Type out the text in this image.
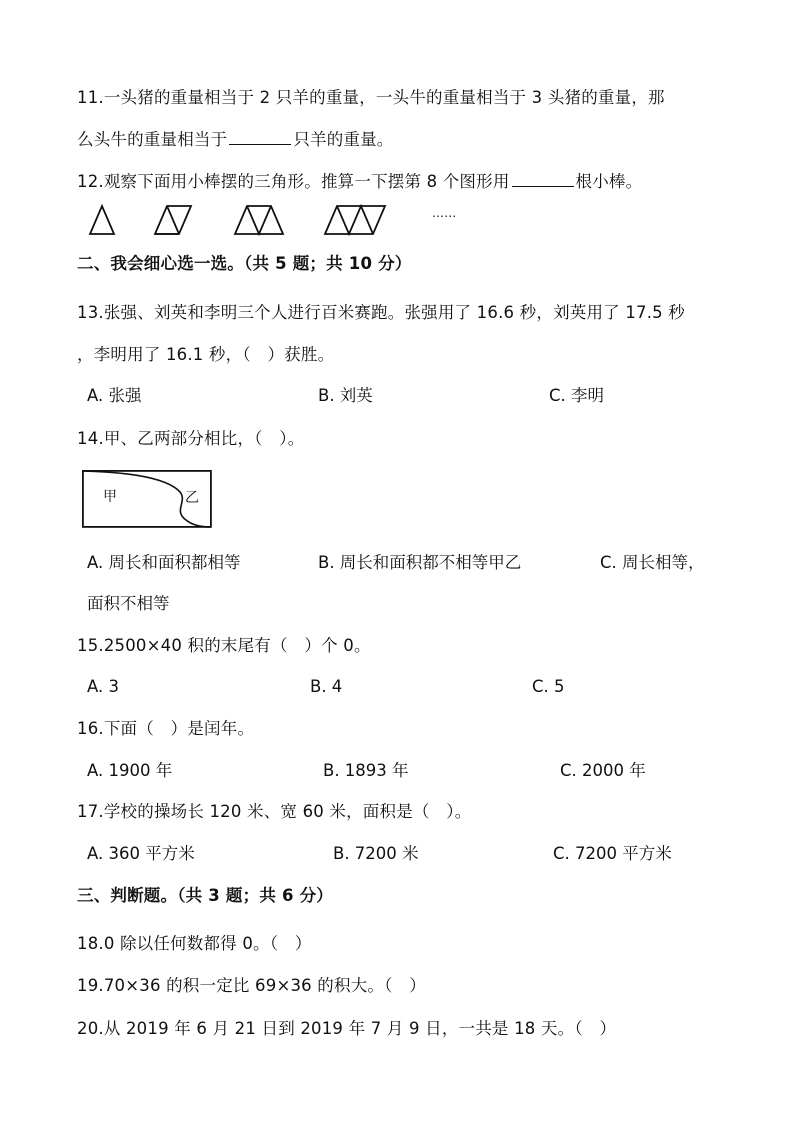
11.一头猪的重量相当于 2 只羊的重量，一头牛的重量相当于 3 头猪的重量，那
么头牛的重量相当于	只羊的重量。
12.观察下面用小棒摆的三角形。推算一下摆第 8 个图形用	根小棒。
……
二、我会细心选一选。（共 5 题；共 10 分）
13.张强、刘英和李明三个人进行百米赛跑。张强用了 16.6 秒，刘英用了 17.5 秒
，李明用了 16.1 秒，（　）获胜。
A. 张强	B. 刘英	C. 李明
14.甲、乙两部分相比，（　）。
甲	乙
A. 周长和面积都相等	B. 周长和面积都不相等甲乙	C. 周长相等，
面积不相等
15.2500×40 积的末尾有（　）个 0。
A. 3	B. 4	C. 5
16.下面（　）是闰年。
A. 1900 年	B. 1893 年	C. 2000 年
17.学校的操场长 120 米、宽 60 米，面积是（　）。
A. 360 平方米	B. 7200 米	C. 7200 平方米
三、判断题。（共 3 题；共 6 分）
18.0 除以任何数都得 0。（　）
19.70×36 的积一定比 69×36 的积大。（　）
20.从 2019 年 6 月 21 日到 2019 年 7 月 9 日，一共是 18 天。（　）
